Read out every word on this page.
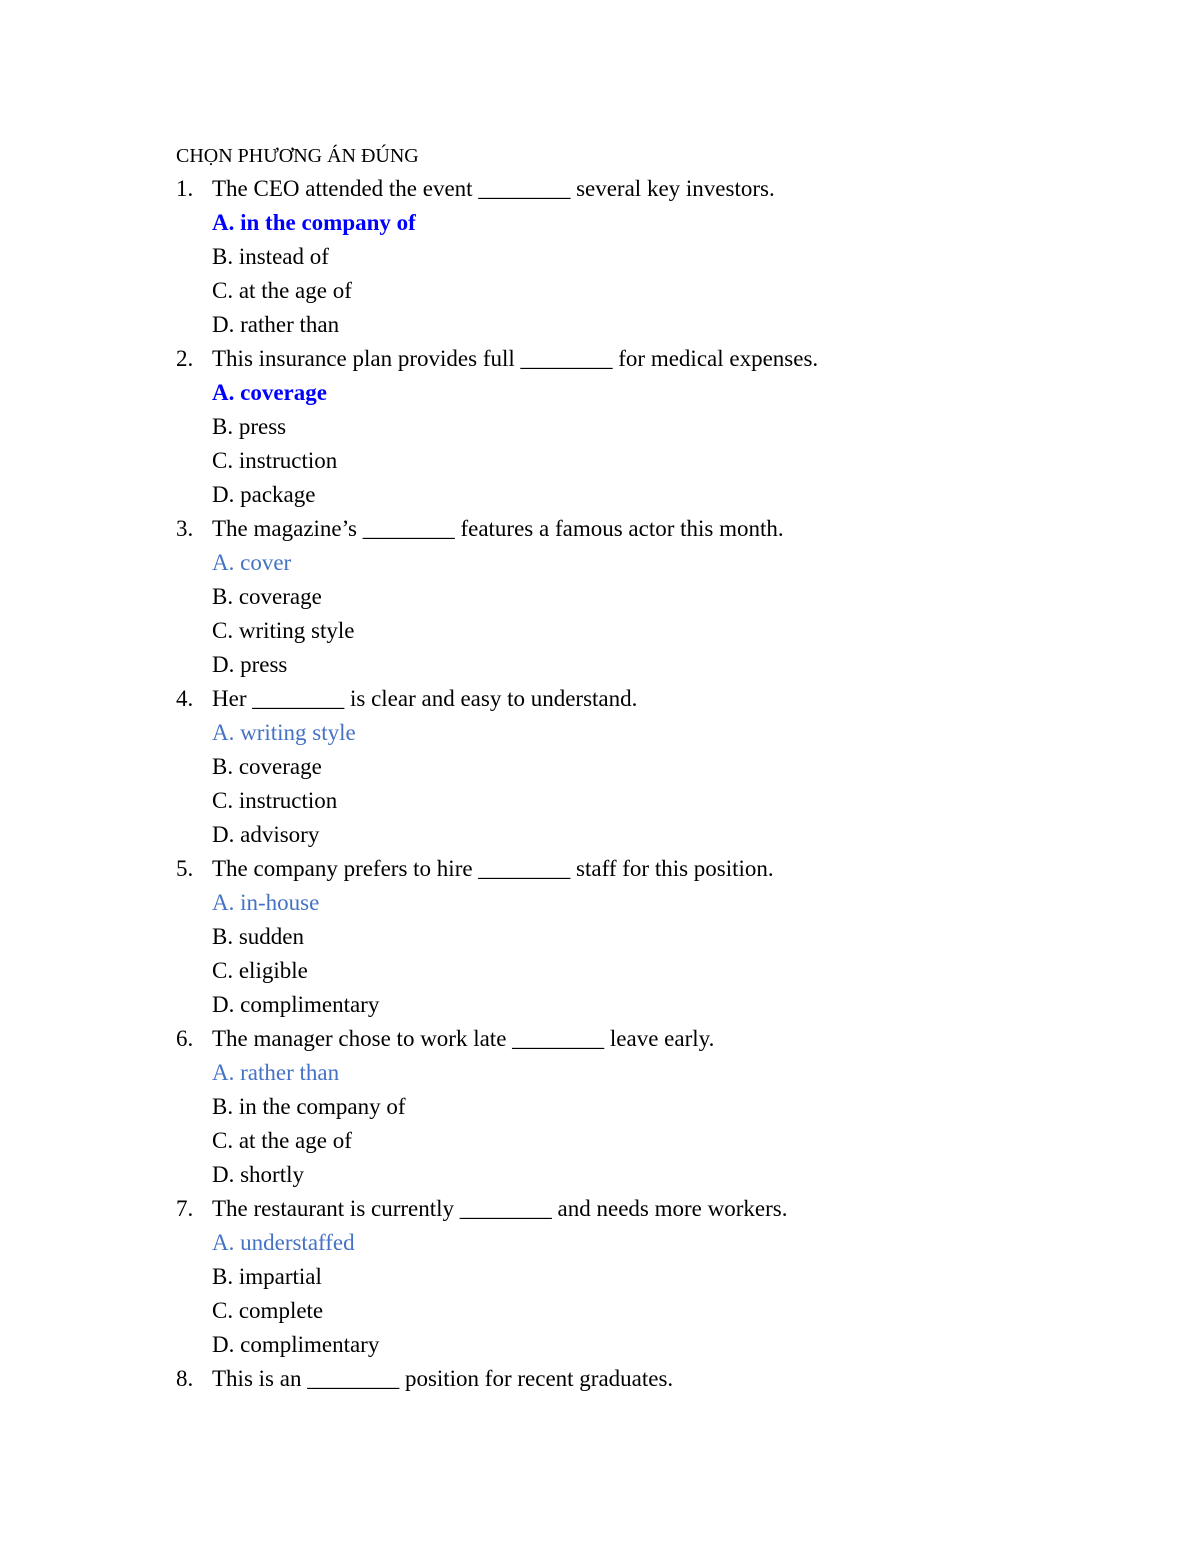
CHỌN PHƯƠNG ÁN ĐÚNG
1. The CEO attended the event ________ several key investors.
A. in the company of
B. instead of
C. at the age of
D. rather than
2. This insurance plan provides full ________ for medical expenses.
A. coverage
B. press
C. instruction
D. package
3. The magazine’s ________ features a famous actor this month.
A. cover
B. coverage
C. writing style
D. press
4. Her ________ is clear and easy to understand.
A. writing style
B. coverage
C. instruction
D. advisory
5. The company prefers to hire ________ staff for this position.
A. in-house
B. sudden
C. eligible
D. complimentary
6. The manager chose to work late ________ leave early.
A. rather than
B. in the company of
C. at the age of
D. shortly
7. The restaurant is currently ________ and needs more workers.
A. understaffed
B. impartial
C. complete
D. complimentary
8. This is an ________ position for recent graduates.
